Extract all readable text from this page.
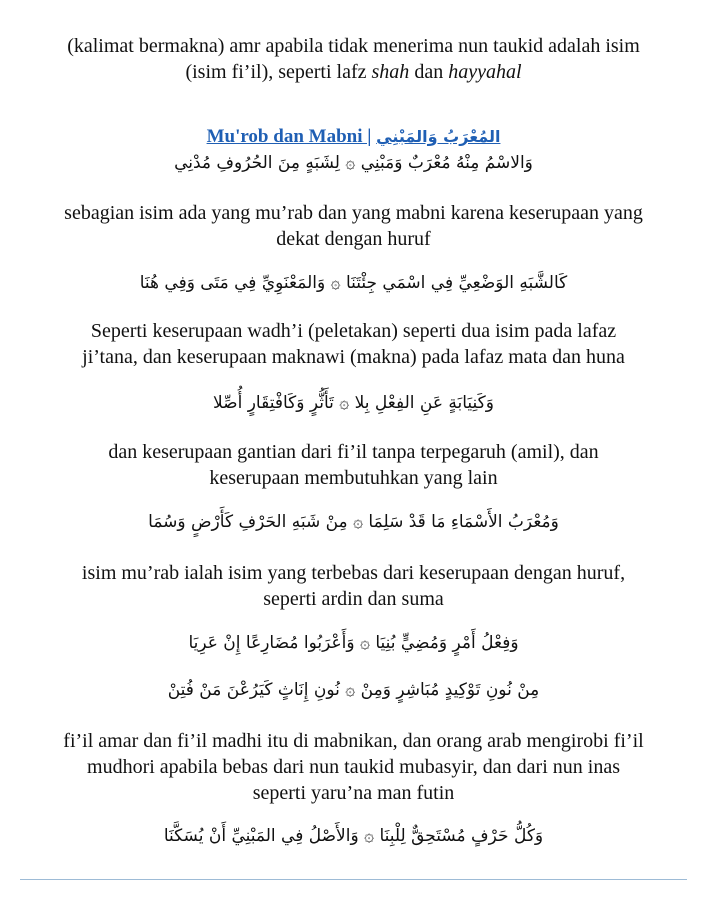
(kalimat bermakna) amr apabila tidak menerima nun taukid adalah isim
(isim fi’il), seperti lafz shah dan hayyahal

Mu'rob dan Mabni | المُعْرَبُ وَالمَبْنِي

وَالاسْمُ مِنْهُ مُعْرَبٌ وَمَبْنِي ۞ لِشَبَهٍ مِنَ الحُرُوفِ مُدْنِي

sebagian isim ada yang mu’rab dan yang mabni karena keserupaan yang
dekat dengan huruf

كَالشَّبَهِ الوَضْعِيِّ فِي اسْمَي جِئْتَنَا ۞ وَالمَعْنَوِيِّ فِي مَتَى وَفِي هُنَا

Seperti keserupaan wadh’i (peletakan) seperti dua isim pada lafaz
ji’tana, dan keserupaan maknawi (makna) pada lafaz mata dan huna

وَكَنِيَابَةٍ عَنِ الفِعْلِ بِلا ۞ تَأَثُّرٍ وَكَافْتِقَارٍ أُصِّلا

dan keserupaan gantian dari fi’il tanpa terpegaruh (amil), dan
keserupaan membutuhkan yang lain

وَمُعْرَبُ الأَسْمَاءِ مَا قَدْ سَلِمَا ۞ مِنْ شَبَهِ الحَرْفِ كَأَرْضٍ وَسُمَا

isim mu’rab ialah isim yang terbebas dari keserupaan dengan huruf,
seperti ardin dan suma

وَفِعْلُ أَمْرٍ وَمُضِيٍّ بُنِيَا ۞ وَأَعْرَبُوا مُضَارِعًا إِنْ عَرِيَا

مِنْ نُونِ تَوْكِيدٍ مُبَاشِرٍ وَمِنْ ۞ نُونِ إِنَاثٍ كَيَرُعْنَ مَنْ فُتِنْ

fi’il amar dan fi’il madhi itu di mabnikan, dan orang arab mengirobi fi’il
mudhori apabila bebas dari nun taukid mubasyir, dan dari nun inas
seperti yaru’na man futin

وَكُلُّ حَرْفٍ مُسْتَحِقٌّ لِلْبِنَا ۞ وَالأَصْلُ فِي المَبْنِيِّ أَنْ يُسَكَّنَا
